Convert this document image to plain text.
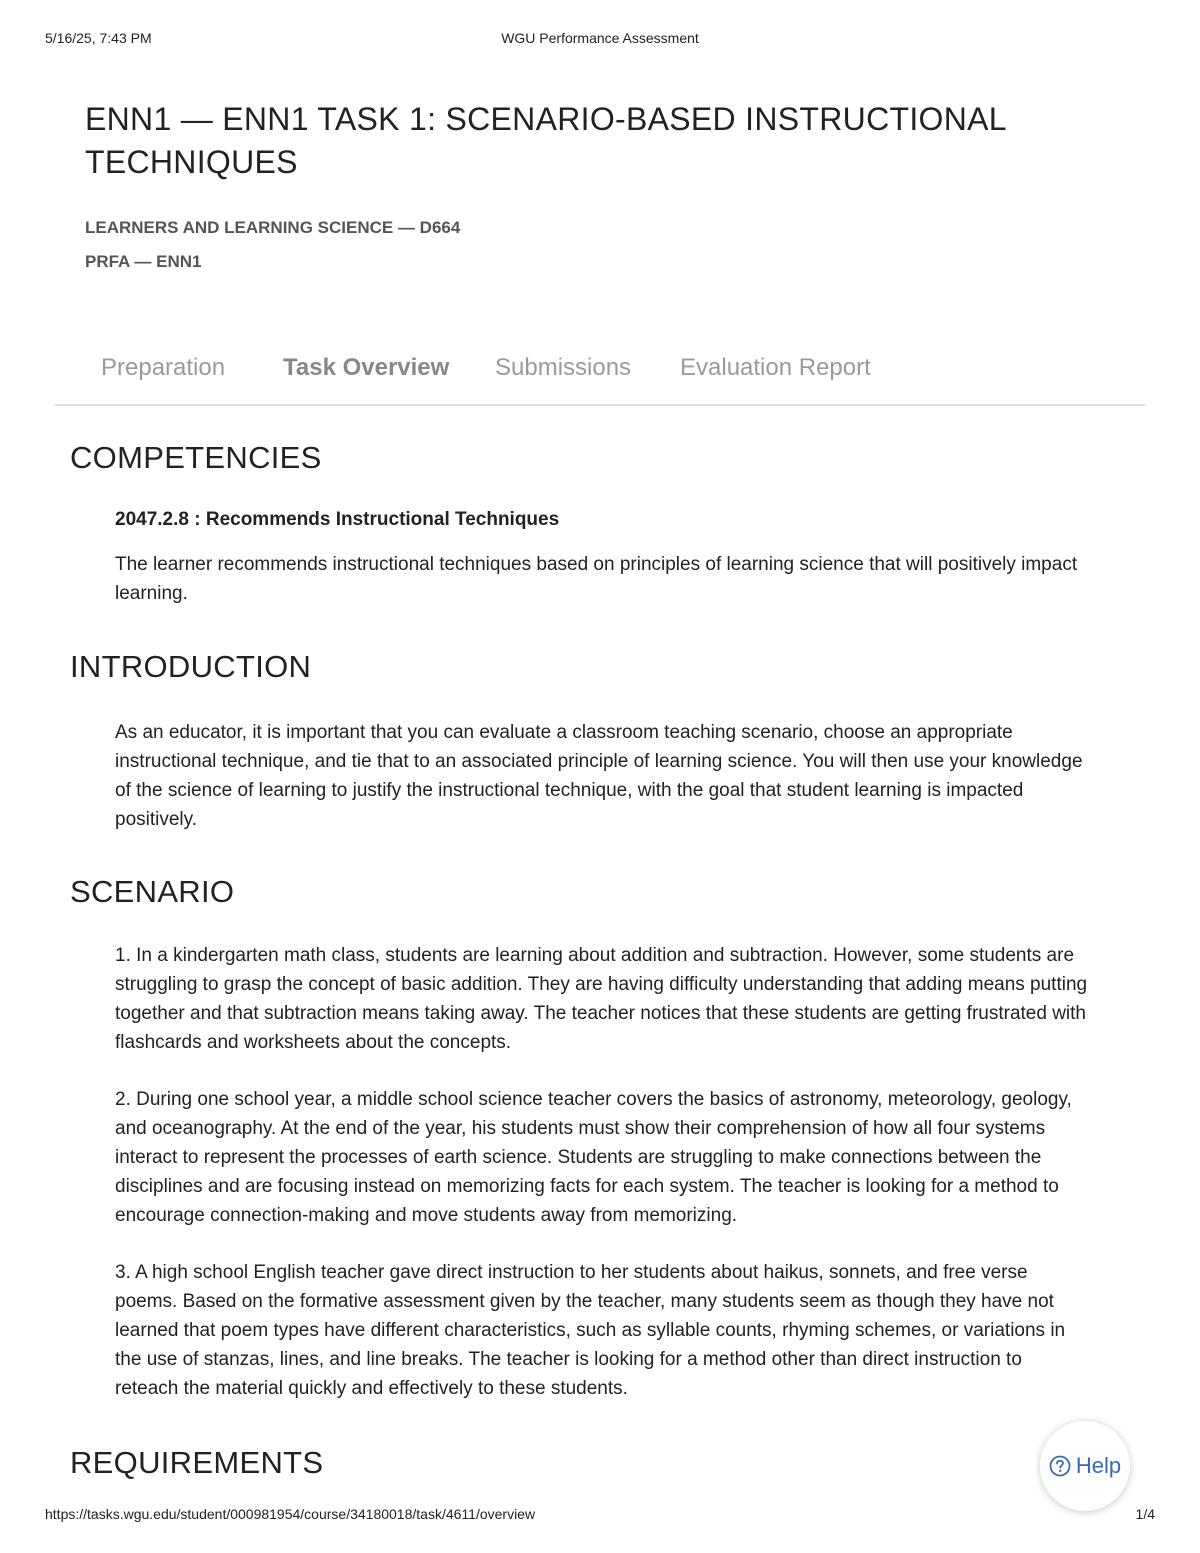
5/16/25, 7:43 PM	WGU Performance Assessment
ENN1 — ENN1 TASK 1: SCENARIO-BASED INSTRUCTIONAL TECHNIQUES

LEARNERS AND LEARNING SCIENCE — D664

PRFA — ENN1

Preparation Task Overview Submissions Evaluation Report
COMPETENCIES

2047.2.8 : Recommends Instructional Techniques

The learner recommends instructional techniques based on principles of learning science that will positively impact learning.

INTRODUCTION

As an educator, it is important that you can evaluate a classroom teaching scenario, choose an appropriate instructional technique, and tie that to an associated principle of learning science. You will then use your knowledge of the science of learning to justify the instructional technique, with the goal that student learning is impacted positively.

SCENARIO

1. In a kindergarten math class, students are learning about addition and subtraction. However, some students are struggling to grasp the concept of basic addition. They are having difficulty understanding that adding means putting together and that subtraction means taking away. The teacher notices that these students are getting frustrated with flashcards and worksheets about the concepts.

2. During one school year, a middle school science teacher covers the basics of astronomy, meteorology, geology, and oceanography. At the end of the year, his students must show their comprehension of how all four systems interact to represent the processes of earth science. Students are struggling to make connections between the disciplines and are focusing instead on memorizing facts for each system. The teacher is looking for a method to encourage connection-making and move students away from memorizing.

3. A high school English teacher gave direct instruction to her students about haikus, sonnets, and free verse poems. Based on the formative assessment given by the teacher, many students seem as though they have not learned that poem types have different characteristics, such as syllable counts, rhyming schemes, or variations in the use of stanzas, lines, and line breaks. The teacher is looking for a method other than direct instruction to reteach the material quickly and effectively to these students.

REQUIREMENTS	Help
https://tasks.wgu.edu/student/000981954/course/34180018/task/4611/overview	1/4
